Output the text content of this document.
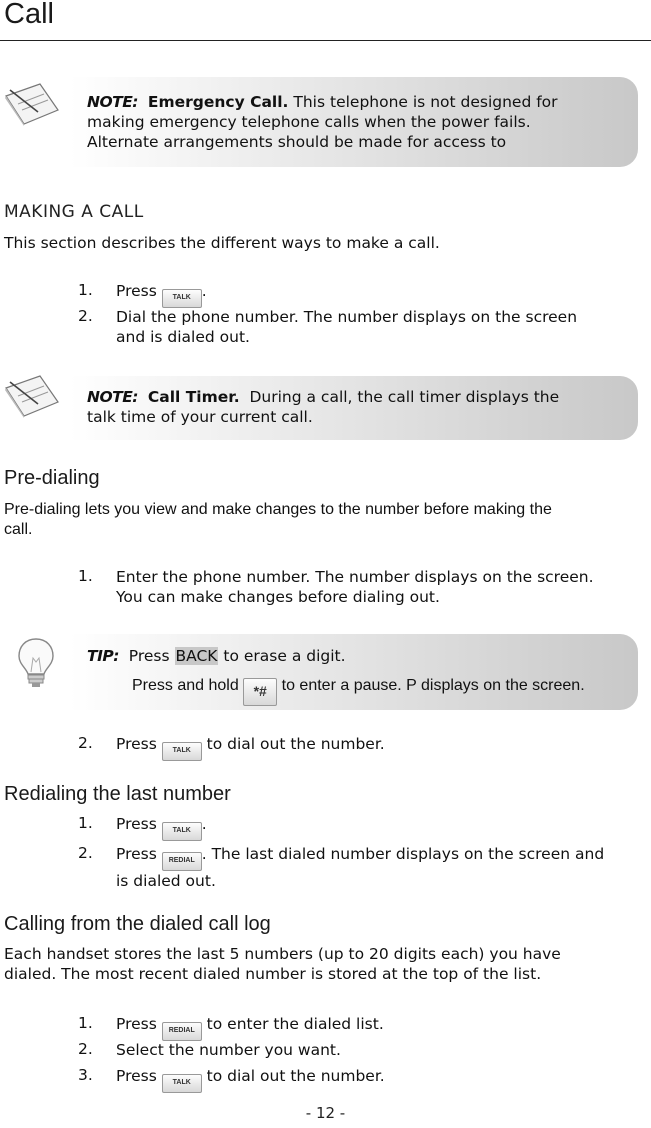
Call
NOTE: Emergency Call. This telephone is not designed for
making emergency telephone calls when the power fails.
Alternate arrangements should be made for access to
MAKING A CALL
This section describes the different ways to make a call.
1.	Press TALK .
2.	Dial the phone number. The number displays on the screen
and is dialed out.
NOTE: Call Timer. During a call, the call timer displays the
talk time of your current call.
Pre-dialing
Pre-dialing lets you view and make changes to the number before making the
call.
1.	Enter the phone number. The number displays on the screen.
You can make changes before dialing out.
TIP: Press BACK to erase a digit.
Press and hold *# to enter a pause. P displays on the screen.
2.	Press TALK to dial out the number.
Redialing the last number
1.	Press TALK .
2.	Press REDIAL . The last dialed number displays on the screen and
is dialed out.
Calling from the dialed call log
Each handset stores the last 5 numbers (up to 20 digits each) you have
dialed. The most recent dialed number is stored at the top of the list.
1.	Press REDIAL to enter the dialed list.
2.	Select the number you want.
3.	Press TALK to dial out the number.
- 12 -
